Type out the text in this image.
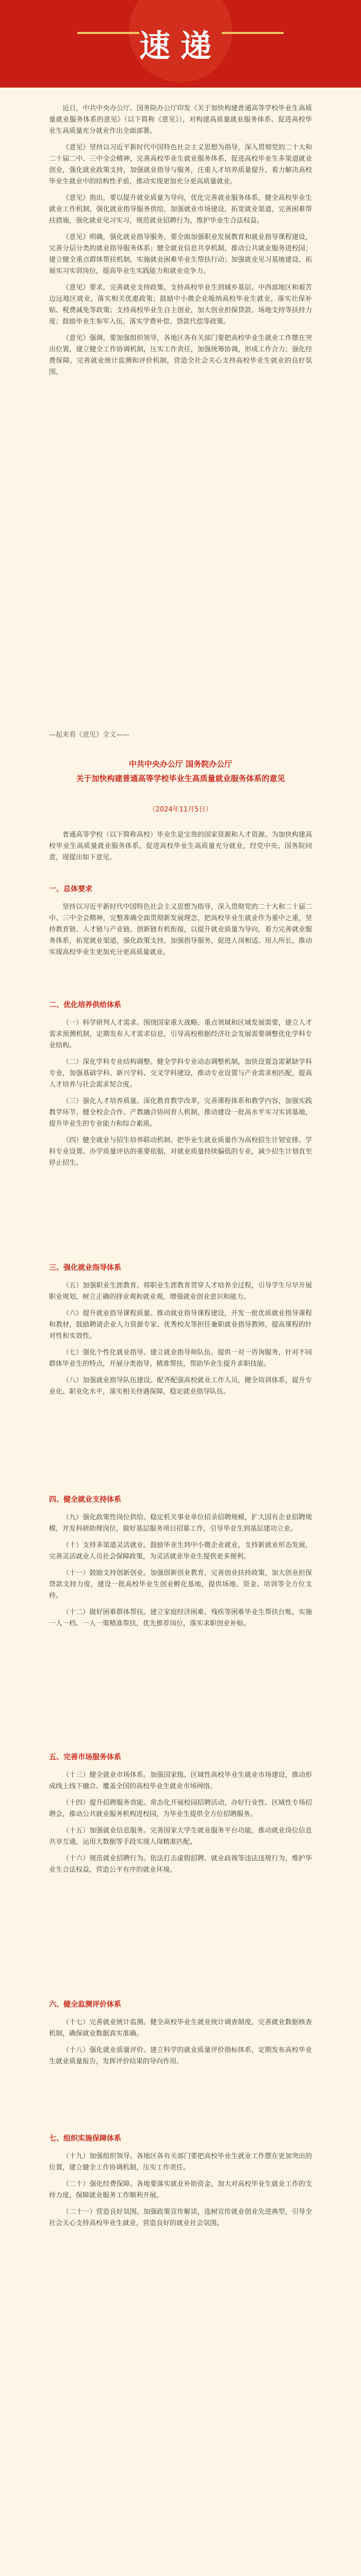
速递

近日，中共中央办公厅、国务院办公厅印发《关于加快构建普通高等学校毕业生高质量就业服务体系的意见》（以下简称《意见》），对构建高质量就业服务体系、促进高校毕业生高质量充分就业作出全面部署。

《意见》坚持以习近平新时代中国特色社会主义思想为指导，深入贯彻党的二十大和二十届二中、三中全会精神，完善高校毕业生就业服务体系，促进高校毕业生多渠道就业创业，强化就业政策支持，加强就业指导与服务，注重人才培养质量提升，着力解决高校毕业生就业中的结构性矛盾，推动实现更加充分更高质量就业。

《意见》指出，要以提升就业质量为导向，优化完善就业服务体系，健全高校毕业生就业工作机制，强化就业指导服务供给，加强就业市场建设，拓宽就业渠道，完善困难帮扶措施，强化就业见习实习，规范就业招聘行为，维护毕业生合法权益。

《意见》明确，强化就业指导服务，要全面加强职业发展教育和就业指导课程建设，完善分层分类的就业指导服务体系；健全就业信息共享机制，推动公共就业服务进校园；建立健全重点群体帮扶机制，实施就业困难毕业生帮扶行动；加强就业见习基地建设，拓展实习实训岗位，提高毕业生实践能力和就业竞争力。

《意见》要求，完善就业支持政策。支持高校毕业生到城乡基层、中西部地区和艰苦边远地区就业，落实相关优惠政策；鼓励中小微企业吸纳高校毕业生就业，落实社保补贴、税费减免等政策；支持高校毕业生自主创业，加大创业担保贷款、场地支持等扶持力度；鼓励毕业生参军入伍，落实学费补偿、贷款代偿等政策。

《意见》强调，要加强组织领导，各地区各有关部门要把高校毕业生就业工作摆在突出位置，建立健全工作协调机制，压实工作责任，加强统筹协调，形成工作合力；强化经费保障，完善就业统计监测和评价机制，营造全社会关心支持高校毕业生就业的良好氛围。

—起来看《意见》全文——
中共中央办公厅 国务院办公厅
关于加快构建普通高等学校毕业生高质量就业服务体系的意见
（2024年11月5日）

普通高等学校（以下简称高校）毕业生是宝贵的国家资源和人才资源。为加快构建高校毕业生高质量就业服务体系，促进高校毕业生高质量充分就业，经党中央、国务院同意，现提出如下意见。

一、总体要求

坚持以习近平新时代中国特色社会主义思想为指导，深入贯彻党的二十大和二十届二中、三中全会精神，完整准确全面贯彻新发展理念，把高校毕业生就业作为重中之重，坚持教育链、人才链与产业链、创新链有机衔接，以提升就业质量为导向，着力完善就业服务体系，拓宽就业渠道，强化政策支持，加强指导服务，促进人岗相适、用人所长，推动实现高校毕业生更加充分更高质量就业。

二、优化培养供给体系

（一）科学研判人才需求。围绕国家重大战略、重点领域和区域发展需要，建立人才需求预测机制，定期发布人才需求信息，引导高校根据经济社会发展需要调整优化学科专业结构。

（二）深化学科专业结构调整。健全学科专业动态调整机制，加快设置急需紧缺学科专业，加强基础学科、新兴学科、交叉学科建设，推动专业设置与产业需求相匹配，提高人才培养与社会需求契合度。

（三）强化人才培养质量。深化教育教学改革，完善课程体系和教学内容，加强实践教学环节，健全校企合作、产教融合协同育人机制，推动建设一批高水平实习实训基地，提升毕业生的专业能力和综合素质。

（四）健全就业与招生培养联动机制。把毕业生就业质量作为高校招生计划安排、学科专业设置、办学质量评估的重要依据，对就业质量持续偏低的专业，减少招生计划直至停止招生。

三、强化就业指导体系

（五）加强职业生涯教育。将职业生涯教育贯穿人才培养全过程，引导学生尽早开展职业规划，树立正确的择业观和就业观，增强就业创业意识和能力。

（六）提升就业指导课程质量。推动就业指导课程建设，开发一批优质就业指导课程和教材，鼓励聘请企业人力资源专家、优秀校友等担任兼职就业指导教师，提高课程的针对性和实效性。

（七）强化个性化就业指导。建立就业指导师队伍，提供一对一咨询服务，针对不同群体毕业生的特点，开展分类指导、精准帮扶，帮助毕业生提升求职技能。

（八）加强就业指导队伍建设。配齐配强高校就业工作人员，健全培训体系，提升专业化、职业化水平，落实相关待遇保障，稳定就业指导队伍。

四、健全就业支持体系

（九）强化政策性岗位供给。稳定机关事业单位招录招聘规模，扩大国有企业招聘规模，开发科研助理岗位，做好基层服务项目招募工作，引导毕业生到基层建功立业。

（十）支持多渠道灵活就业。鼓励毕业生到中小微企业就业，支持新就业形态发展，完善灵活就业人员社会保障政策，为灵活就业毕业生提供更多便利。

（十一）鼓励支持创新创业。加强创新创业教育，完善创业扶持政策，加大创业担保贷款支持力度，建设一批高校毕业生创业孵化基地，提供场地、资金、培训等全方位支持。

（十二）做好困难群体帮扶。建立家庭经济困难、残疾等困难毕业生帮扶台账，实施一人一档、一人一策精准帮扶，优先推荐岗位，落实求职创业补贴。

五、完善市场服务体系

（十三）健全就业市场体系。加强国家级、区域性高校毕业生就业市场建设，推动形成线上线下融合、覆盖全国的高校毕业生就业市场网络。

（十四）提升招聘服务效能。常态化开展校园招聘活动，办好行业性、区域性专场招聘会，推动公共就业服务机构进校园，为毕业生提供全方位招聘服务。

（十五）加强就业信息服务。完善国家大学生就业服务平台功能，推动就业岗位信息共享互通，运用大数据等手段实现人岗精准匹配。

（十六）规范就业招聘行为。依法打击虚假招聘、就业歧视等违法违规行为，维护毕业生合法权益，营造公平有序的就业环境。

六、健全监测评价体系

（十七）完善就业统计监测。健全高校毕业生就业统计调查制度，完善就业数据核查机制，确保就业数据真实准确。

（十八）强化就业质量评价。建立科学的就业质量评价指标体系，定期发布高校毕业生就业质量报告，发挥评价结果的导向作用。

七、组织实施保障体系

（十九）加强组织领导。各地区各有关部门要把高校毕业生就业工作摆在更加突出的位置，建立健全工作协调机制，压实工作责任。

（二十）强化经费保障。各地要落实就业补助资金，加大对高校毕业生就业工作的支持力度，保障就业服务工作顺利开展。

（二十一）营造良好氛围。加强政策宣传解读，选树宣传就业创业先进典型，引导全社会关心支持高校毕业生就业，营造良好的就业社会氛围。
